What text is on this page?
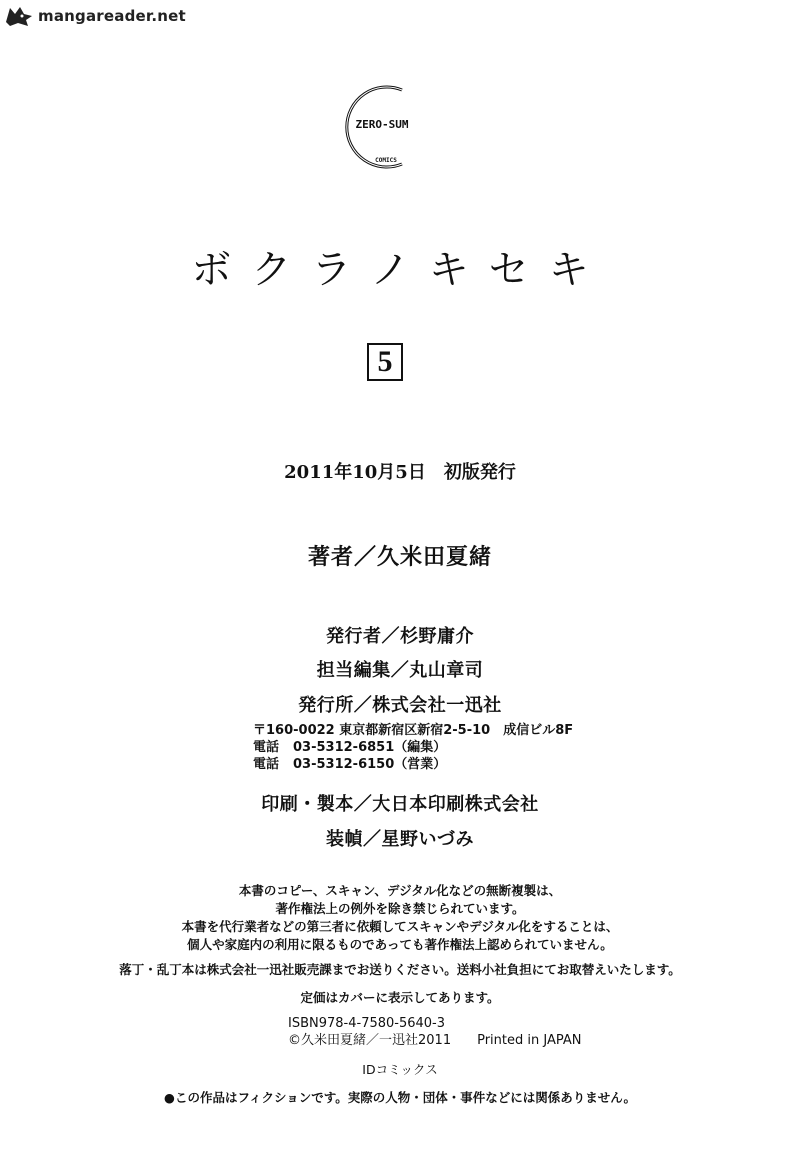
mangareader.net
ZERO-SUM
COMICS
ボクラノキセキ
5
2011年10月5日　初版発行
著者／久米田夏緒
発行者／杉野庸介
担当編集／丸山章司
発行所／株式会社一迅社
〒160-0022 東京都新宿区新宿2-5-10　成信ビル8F
電話 03-5312-6851（編集）
電話 03-5312-6150（営業）
印刷・製本／大日本印刷株式会社
装幀／星野いづみ
本書のコピー、スキャン、デジタル化などの無断複製は、
著作権法上の例外を除き禁じられています。
本書を代行業者などの第三者に依頼してスキャンやデジタル化をすることは、
個人や家庭内の利用に限るものであっても著作権法上認められていません。
落丁・乱丁本は株式会社一迅社販売課までお送りください。送料小社負担にてお取替えいたします。
定価はカバーに表示してあります。
ISBN978-4-7580-5640-3
©久米田夏緒／一迅社2011 Printed in JAPAN
IDコミックス
●この作品はフィクションです。実際の人物・団体・事件などには関係ありません。
